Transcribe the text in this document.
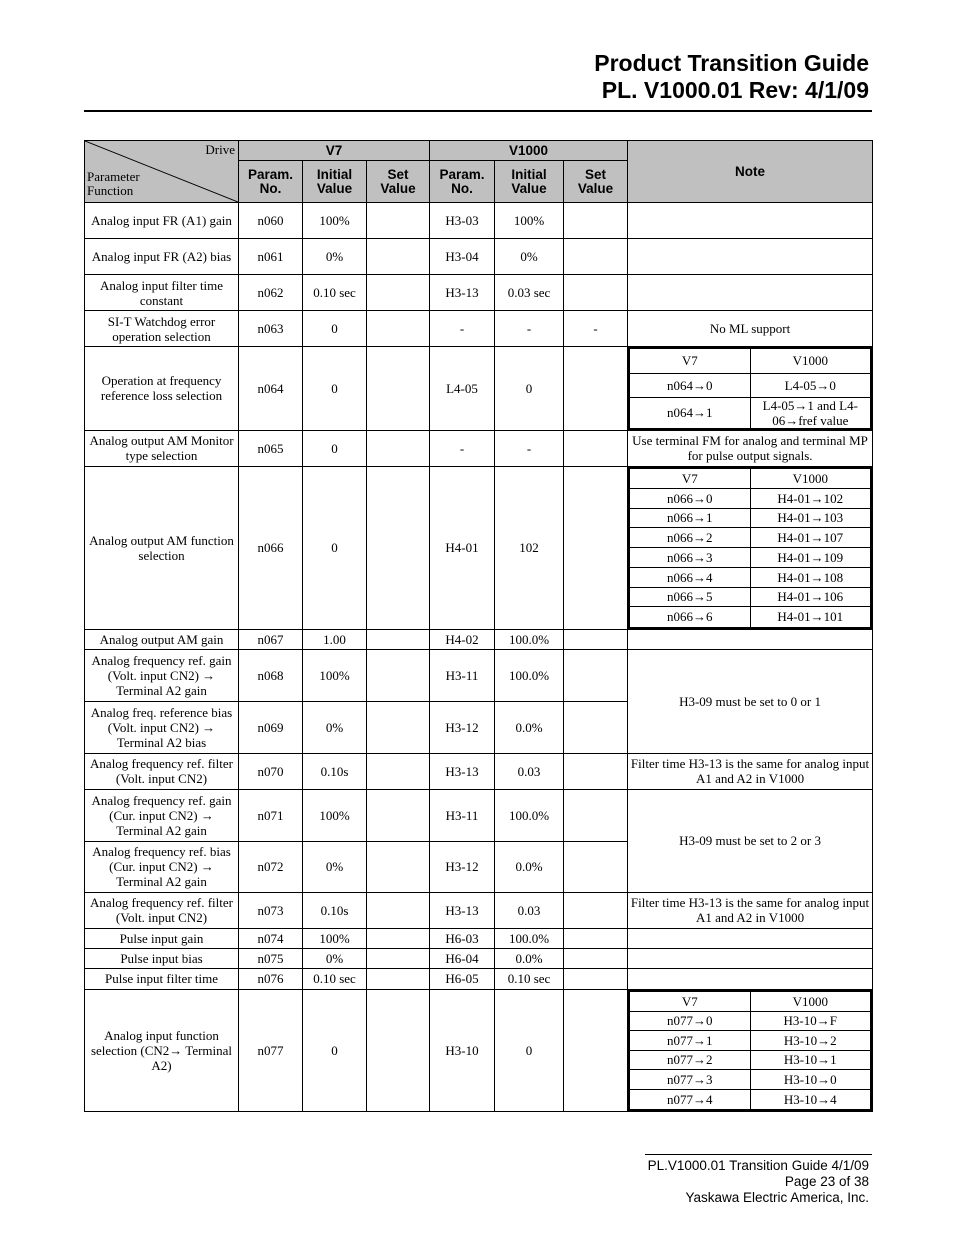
Product Transition Guide
PL. V1000.01 Rev: 4/1/09
Drive
Parameter
Function
	V7	V1000	Note
Param. No.	Initial Value	Set Value	Param. No.	Initial Value	Set Value
Analog input FR (A1) gain	n060	100%		H3-03	100%		
Analog input FR (A2) bias	n061	0%		H3-04	0%		
Analog input filter time constant	n062	0.10 sec		H3-13	0.03 sec		
SI-T Watchdog error operation selection	n063	0		-	-	-	No ML support
Operation at frequency reference loss selection	n064	0		L4-05	0		
V7	V1000
n064→0	L4-05→0
n064→1	L4-05→1 and L4-06→fref value

Analog output AM Monitor type selection	n065	0		-	-		Use terminal FM for analog and terminal MP for pulse output signals.
Analog output AM function selection	n066	0		H4-01	102		
V7	V1000
n066→0	H4-01→102
n066→1	H4-01→103
n066→2	H4-01→107
n066→3	H4-01→109
n066→4	H4-01→108
n066→5	H4-01→106
n066→6	H4-01→101

Analog output AM gain	n067	1.00		H4-02	100.0%		
Analog frequency ref. gain (Volt. input CN2) → Terminal A2 gain	n068	100%		H3-11	100.0%		H3-09 must be set to 0 or 1
Analog freq. reference bias (Volt. input CN2) → Terminal A2 bias	n069	0%		H3-12	0.0%	
Analog frequency ref. filter (Volt. input CN2)	n070	0.10s		H3-13	0.03		Filter time H3-13 is the same for analog input A1 and A2 in V1000
Analog frequency ref. gain (Cur. input CN2) → Terminal A2 gain	n071	100%		H3-11	100.0%		H3-09 must be set to 2 or 3
Analog frequency ref. bias (Cur. input CN2) → Terminal A2 gain	n072	0%		H3-12	0.0%	
Analog frequency ref. filter (Volt. input CN2)	n073	0.10s		H3-13	0.03		Filter time H3-13 is the same for analog input A1 and A2 in V1000
Pulse input gain	n074	100%		H6-03	100.0%		
Pulse input bias	n075	0%		H6-04	0.0%		
Pulse input filter time	n076	0.10 sec		H6-05	0.10 sec		
Analog input function selection (CN2→ Terminal A2)	n077	0		H3-10	0		
V7	V1000
n077→0	H3-10→F
n077→1	H3-10→2
n077→2	H3-10→1
n077→3	H3-10→0
n077→4	H3-10→4
PL.V1000.01 Transition Guide 4/1/09
Page 23 of 38
Yaskawa Electric America, Inc.
